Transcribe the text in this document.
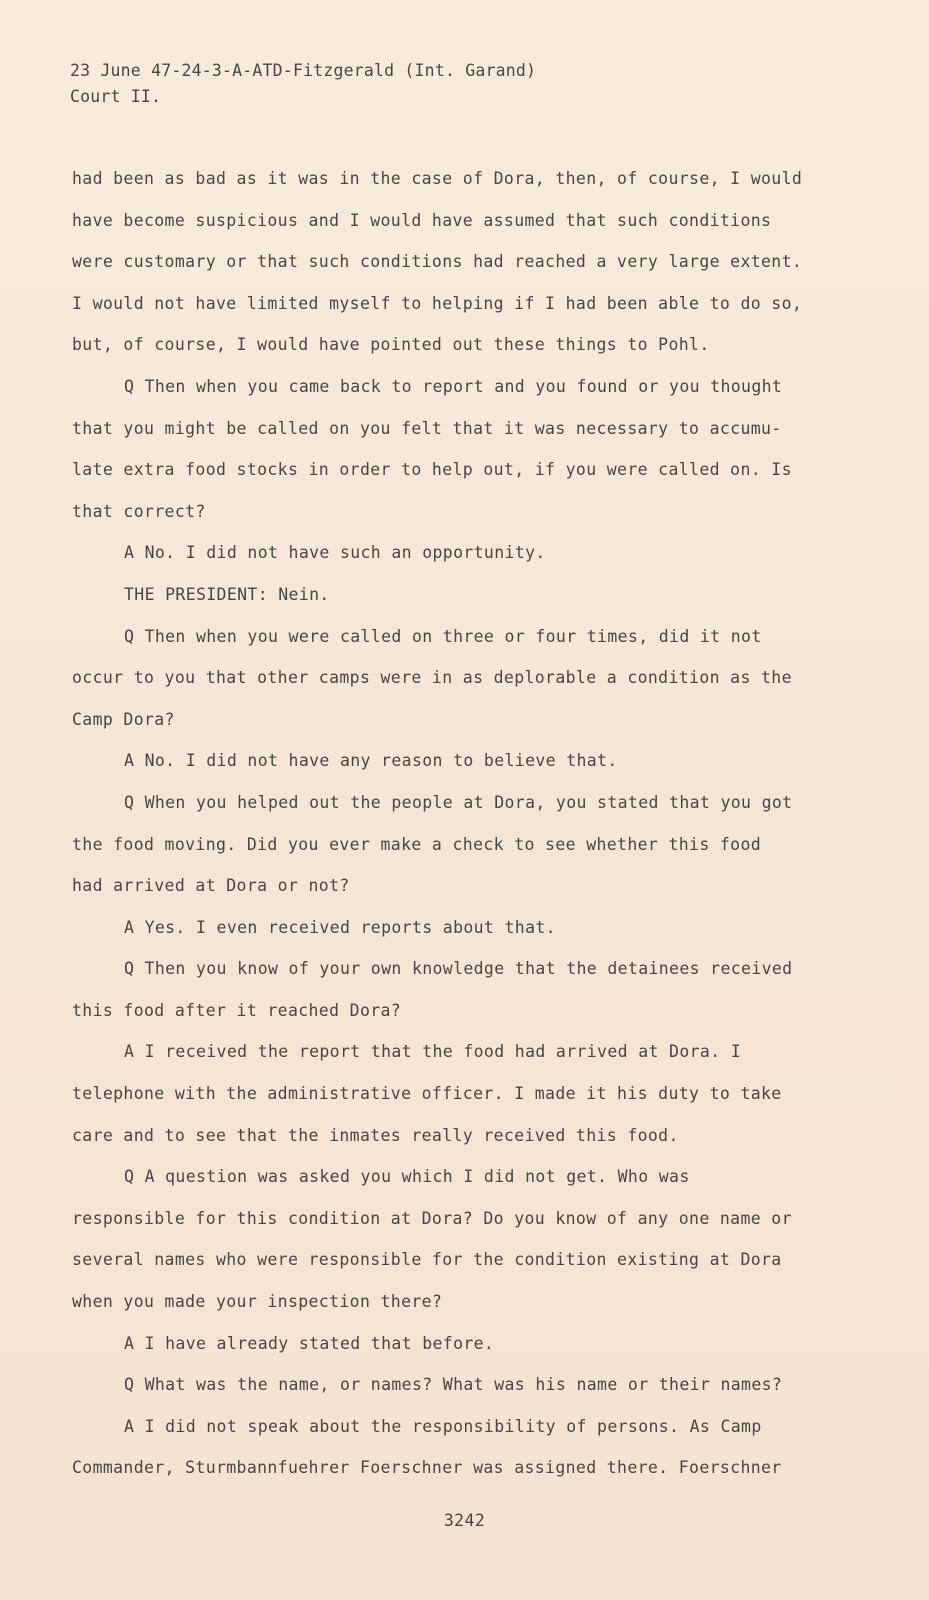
23 June 47-24-3-A-ATD-Fitzgerald (Int. Garand)
Court II.
had been as bad as it was in the case of Dora, then, of course, I would
have become suspicious and I would have assumed that such conditions
were customary or that such conditions had reached a very large extent.
I would not have limited myself to helping if I had been able to do so,
but, of course, I would have pointed out these things to Pohl.
Q Then when you came back to report and you found or you thought
that you might be called on you felt that it was necessary to accumu-
late extra food stocks in order to help out, if you were called on. Is
that correct?
A No. I did not have such an opportunity.
THE PRESIDENT: Nein.
Q Then when you were called on three or four times, did it not
occur to you that other camps were in as deplorable a condition as the
Camp Dora?
A No. I did not have any reason to believe that.
Q When you helped out the people at Dora, you stated that you got
the food moving. Did you ever make a check to see whether this food
had arrived at Dora or not?
A Yes. I even received reports about that.
Q Then you know of your own knowledge that the detainees received
this food after it reached Dora?
A I received the report that the food had arrived at Dora. I
telephone with the administrative officer. I made it his duty to take
care and to see that the inmates really received this food.
Q A question was asked you which I did not get. Who was
responsible for this condition at Dora? Do you know of any one name or
several names who were responsible for the condition existing at Dora
when you made your inspection there?
A I have already stated that before.
Q What was the name, or names? What was his name or their names?
A I did not speak about the responsibility of persons. As Camp
Commander, Sturmbannfuehrer Foerschner was assigned there. Foerschner
3242
